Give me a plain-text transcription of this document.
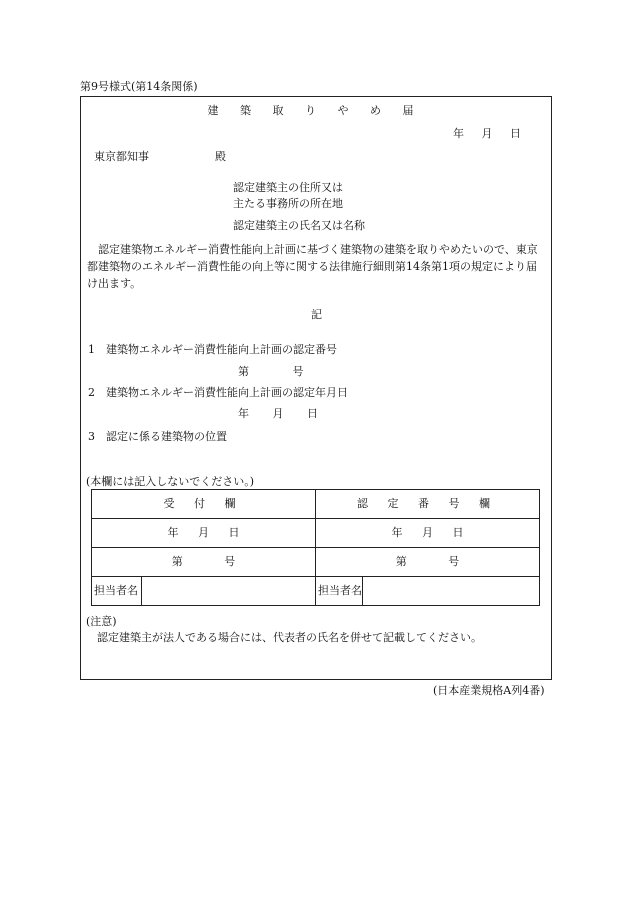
第9号様式(第14条関係)
建 築 取 り や め 届
年 月 日
東京都知事	殿
認定建築主の住所又は
主たる事務所の所在地
認定建築主の氏名又は名称
認定建築物エネルギー消費性能向上計画に基づく建築物の建築を取りやめたいので、東京都建築物のエネルギー消費性能の向上等に関する法律施行細則第14条第1項の規定により届け出ます。
記
1　建築物エネルギー消費性能向上計画の認定番号
第 号
2　建築物エネルギー消費性能向上計画の認定年月日
年 月 日
3　認定に係る建築物の位置
(本欄には記入しないでください。)
受 付 欄		認 定 番 号 欄	
年 月 日		年 月 日	
第 号		第 号	
担当者名		担当者名	
(注意)
認定建築主が法人である場合には、代表者の氏名を併せて記載してください。
(日本産業規格A列4番)
